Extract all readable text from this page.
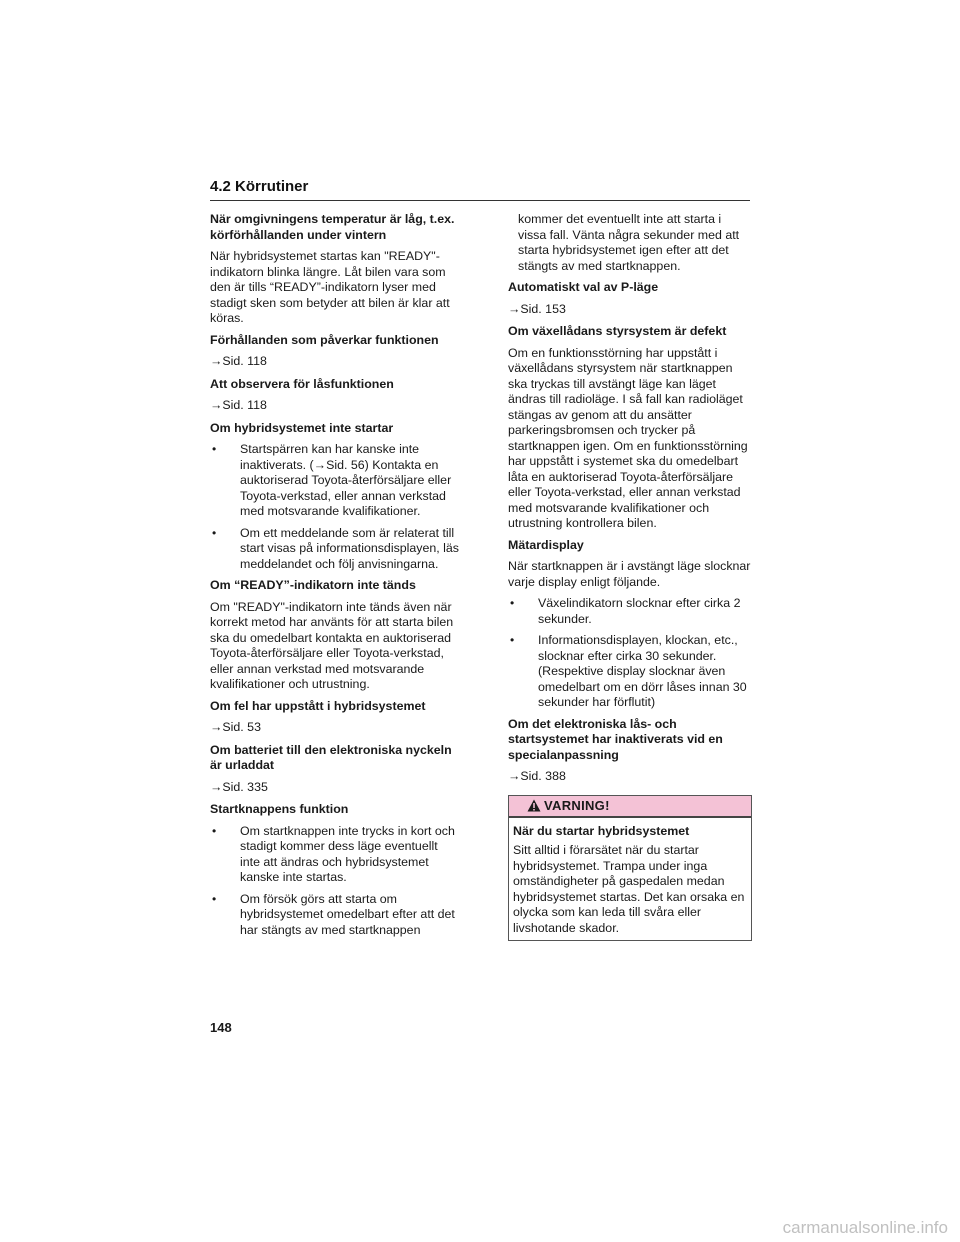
4.2 Körrutiner
När omgivningens temperatur är låg, t.ex. körförhållanden under vintern

När hybridsystemet startas kan "READY"-indikatorn blinka längre. Låt bilen vara som den är tills “READY”-indikatorn lyser med stadigt sken som betyder att bilen är klar att köras.

Förhållanden som påverkar funktionen

→Sid. 118

Att observera för låsfunktionen

→Sid. 118

Om hybridsystemet inte startar
• Startspärren kan har kanske inte inaktiverats. (→Sid. 56) Kontakta en auktoriserad Toyota-återförsäljare eller Toyota-verkstad, eller annan verkstad med motsvarande kvalifikationer.
• Om ett meddelande som är relaterat till start visas på informationsdisplayen, läs meddelandet och följ anvisningarna.
Om “READY”-indikatorn inte tänds

Om "READY"-indikatorn inte tänds även när korrekt metod har använts för att starta bilen ska du omedelbart kontakta en auktoriserad Toyota-återförsäljare eller Toyota-verkstad, eller annan verkstad med motsvarande kvalifikationer och utrustning.

Om fel har uppstått i hybridsystemet

→Sid. 53

Om batteriet till den elektroniska nyckeln är urladdat

→Sid. 335

Startknappens funktion
• Om startknappen inte trycks in kort och stadigt kommer dess läge eventuellt inte att ändras och hybridsystemet kanske inte startas.
• Om försök görs att starta om hybridsystemet omedelbart efter att det har stängts av med startknappen

kommer det eventuellt inte att starta i vissa fall. Vänta några sekunder med att starta hybridsystemet igen efter att det stängts av med startknappen.

Automatiskt val av P-läge

→Sid. 153

Om växellådans styrsystem är defekt

Om en funktionsstörning har uppstått i växellådans styrsystem när startknappen ska tryckas till avstängt läge kan läget ändras till radioläge. I så fall kan radioläget stängas av genom att du ansätter parkeringsbromsen och trycker på startknappen igen. Om en funktionsstörning har uppstått i systemet ska du omedelbart låta en auktoriserad Toyota-återförsäljare eller Toyota-verkstad, eller annan verkstad med motsvarande kvalifikationer och utrustning kontrollera bilen.

Mätardisplay

När startknappen är i avstängt läge slocknar varje display enligt följande.

• Växelindikatorn slocknar efter cirka 2 sekunder.
• Informationsdisplayen, klockan, etc., slocknar efter cirka 30 sekunder. (Respektive display slocknar även omedelbart om en dörr låses innan 30 sekunder har förflutit)
Om det elektroniska lås- och startsystemet har inaktiverats vid en specialanpassning

→Sid. 388

VARNING!
När du startar hybridsystemet

Sitt alltid i förarsätet när du startar hybridsystemet. Trampa under inga omständigheter på gaspedalen medan hybridsystemet startas. Det kan orsaka en olycka som kan leda till svåra eller livshotande skador.

148
carmanualsonline.info
